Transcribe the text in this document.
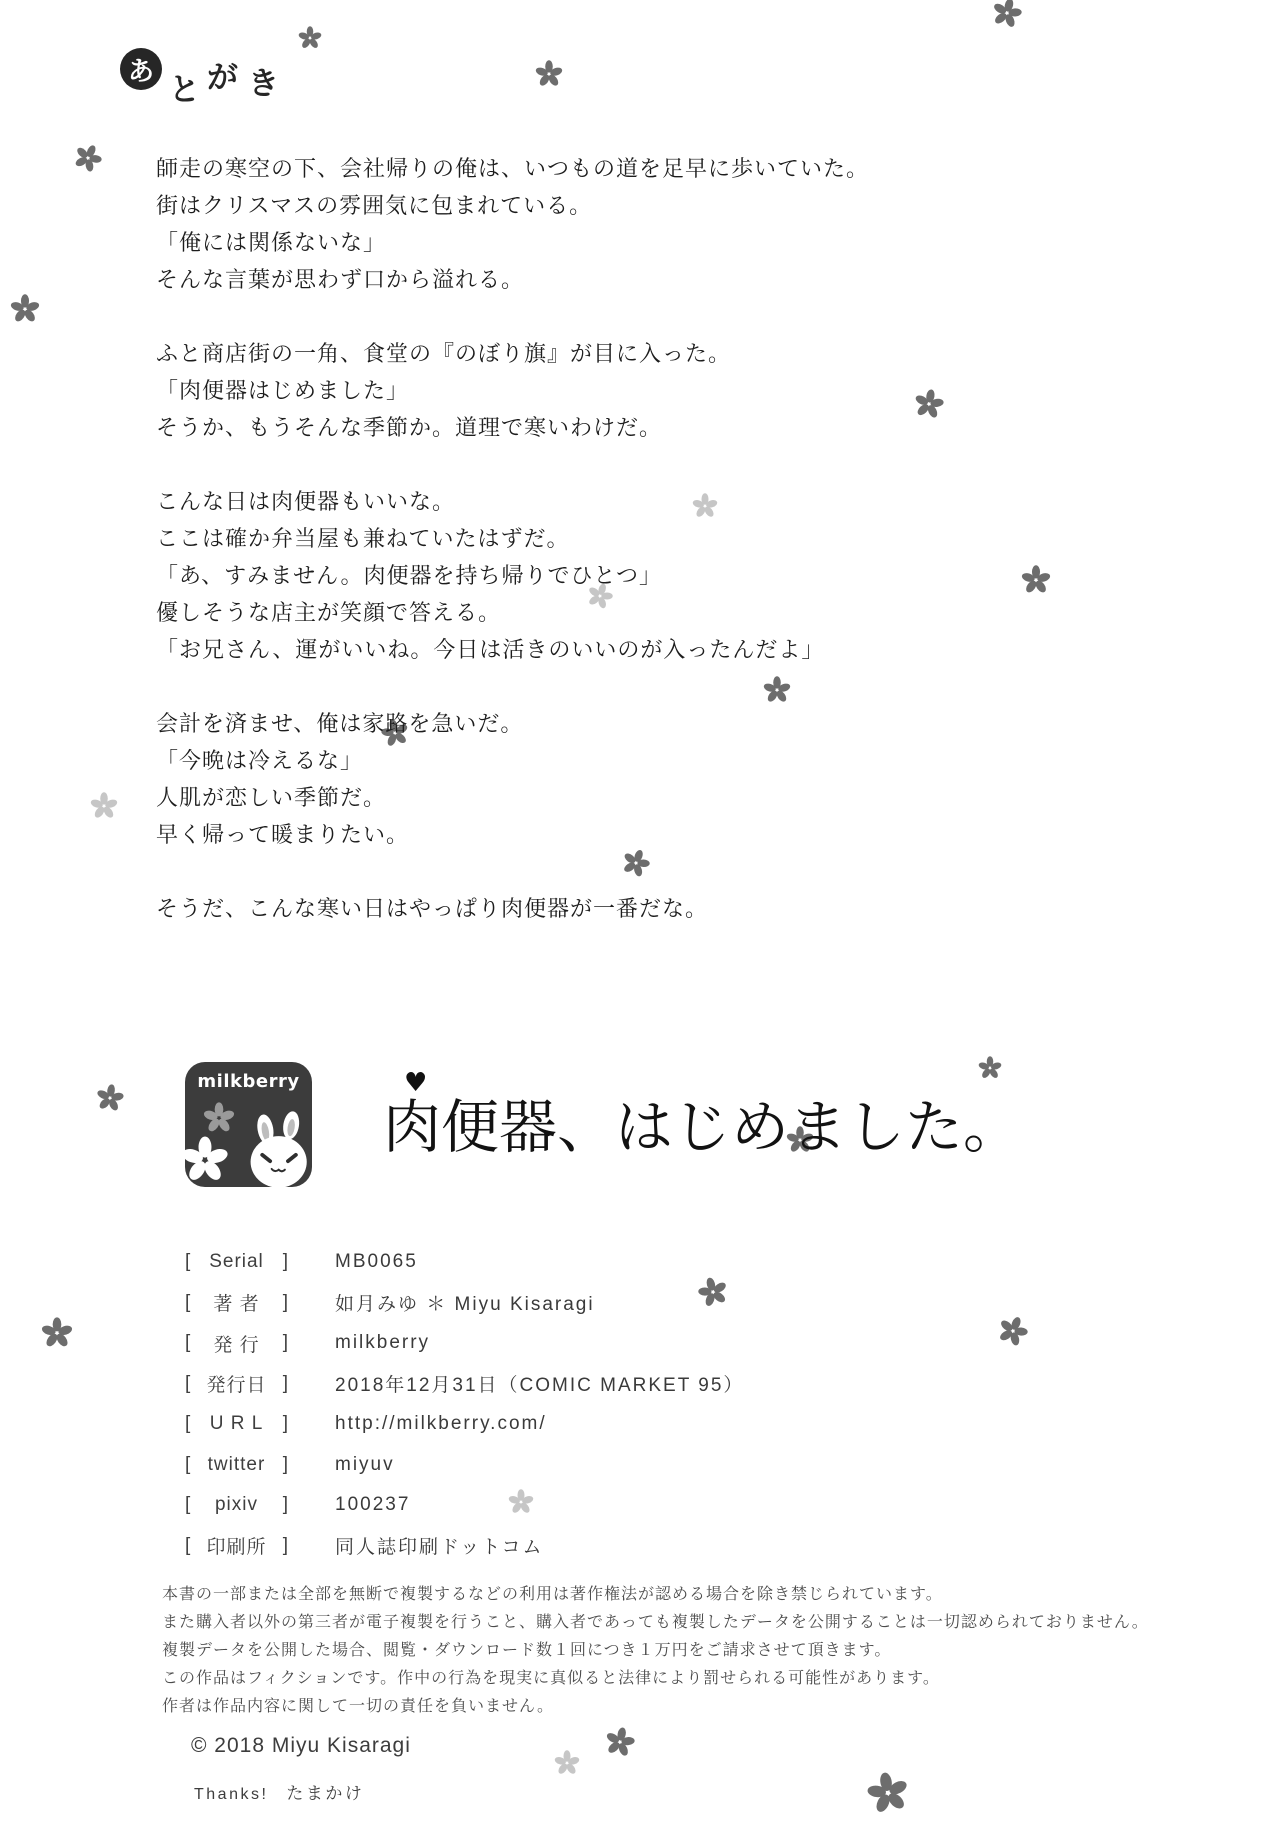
あ
と が き

師走の寒空の下、会社帰りの俺は、いつもの道を足早に歩いていた。
街はクリスマスの雰囲気に包まれている。
「俺には関係ないな」
そんな言葉が思わず口から溢れる。

ふと商店街の一角、食堂の『のぼり旗』が目に入った。
「肉便器はじめました」
そうか、もうそんな季節か。道理で寒いわけだ。

こんな日は肉便器もいいな。
ここは確か弁当屋も兼ねていたはずだ。
「あ、すみません。肉便器を持ち帰りでひとつ」
優しそうな店主が笑顔で答える。
「お兄さん、運がいいね。今日は活きのいいのが入ったんだよ」

会計を済ませ、俺は家路を急いだ。
「今晩は冷えるな」
人肌が恋しい季節だ。
早く帰って暖まりたい。

そうだ、こんな寒い日はやっぱり肉便器が一番だな。

milkberry	♥
肉便器、はじめました。
[ Serial ] MB0065
[	著 者	] 如月みゆ ＊ Miyu Kisaragi
[	発 行	] milkberry
[ 発行日 ] 2018年12月31日（COMIC MARKET 95）
[	U R L	] http://milkberry.com/
[ twitter ] miyuv
[	pixiv	] 100237
[ 印刷所 ] 同人誌印刷ドットコム
本書の一部または全部を無断で複製するなどの利用は著作権法が認める場合を除き禁じられています。
また購入者以外の第三者が電子複製を行うこと、購入者であっても複製したデータを公開することは一切認められておりません。
複製データを公開した場合、閲覧・ダウンロード数１回につき１万円をご請求させて頂きます。
この作品はフィクションです。作中の行為を現実に真似ると法律により罰せられる可能性があります。
作者は作品内容に関して一切の責任を負いません。
© 2018 Miyu Kisaragi
Thanks! たまかけ
